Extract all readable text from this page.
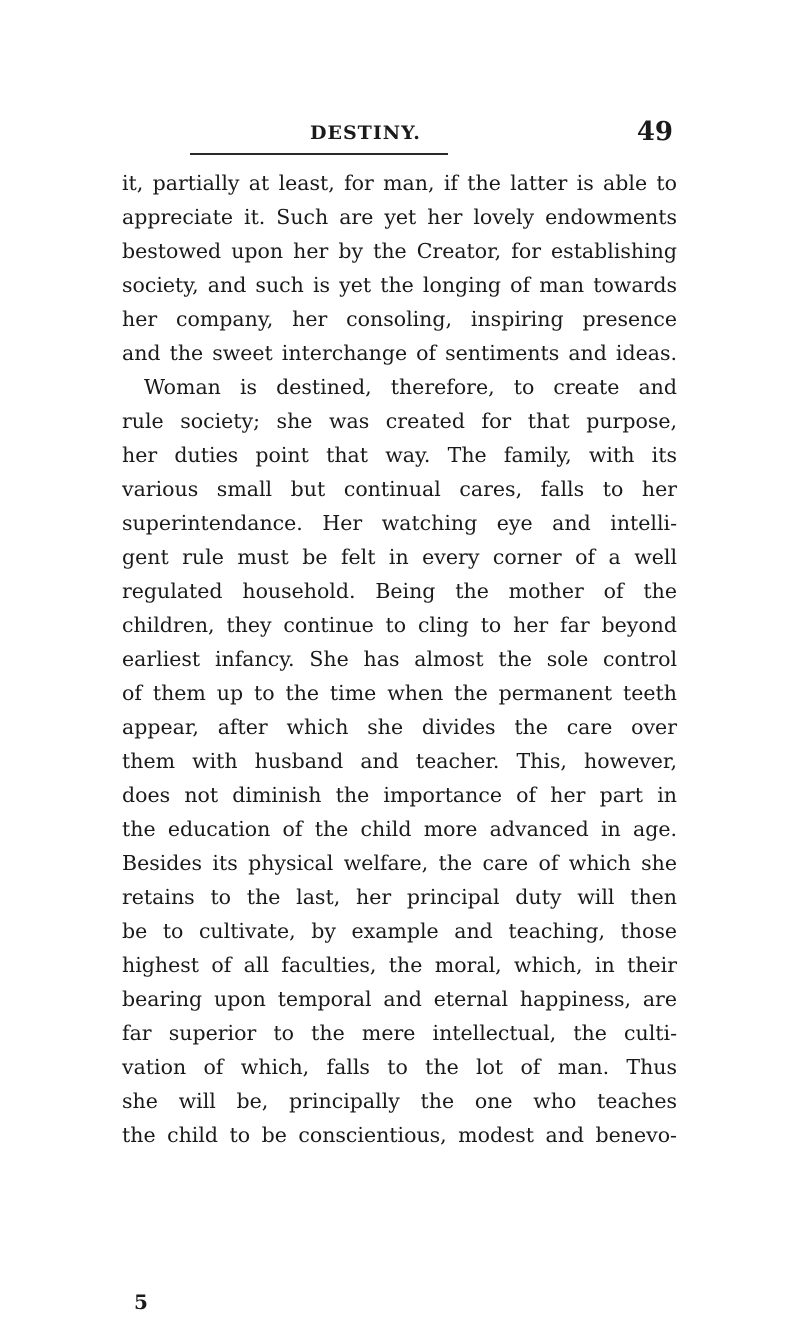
DESTINY.	49
it, partially at least, for man, if the latter is able to
appreciate it. Such are yet her lovely endowments
bestowed upon her by the Creator, for establishing
society, and such is yet the longing of man towards
her company, her consoling, inspiring presence
and the sweet interchange of sentiments and ideas.
Woman is destined, therefore, to create and
rule society; she was created for that purpose,
her duties point that way. The family, with its
various small but continual cares, falls to her
superintendance. Her watching eye and intelli-
gent rule must be felt in every corner of a well
regulated household. Being the mother of the
children, they continue to cling to her far beyond
earliest infancy. She has almost the sole control
of them up to the time when the permanent teeth
appear, after which she divides the care over
them with husband and teacher. This, however,
does not diminish the importance of her part in
the education of the child more advanced in age.
Besides its physical welfare, the care of which she
retains to the last, her principal duty will then
be to cultivate, by example and teaching, those
highest of all faculties, the moral, which, in their
bearing upon temporal and eternal happiness, are
far superior to the mere intellectual, the culti-
vation of which, falls to the lot of man. Thus
she will be, principally the one who teaches
the child to be conscientious, modest and benevo-
5
